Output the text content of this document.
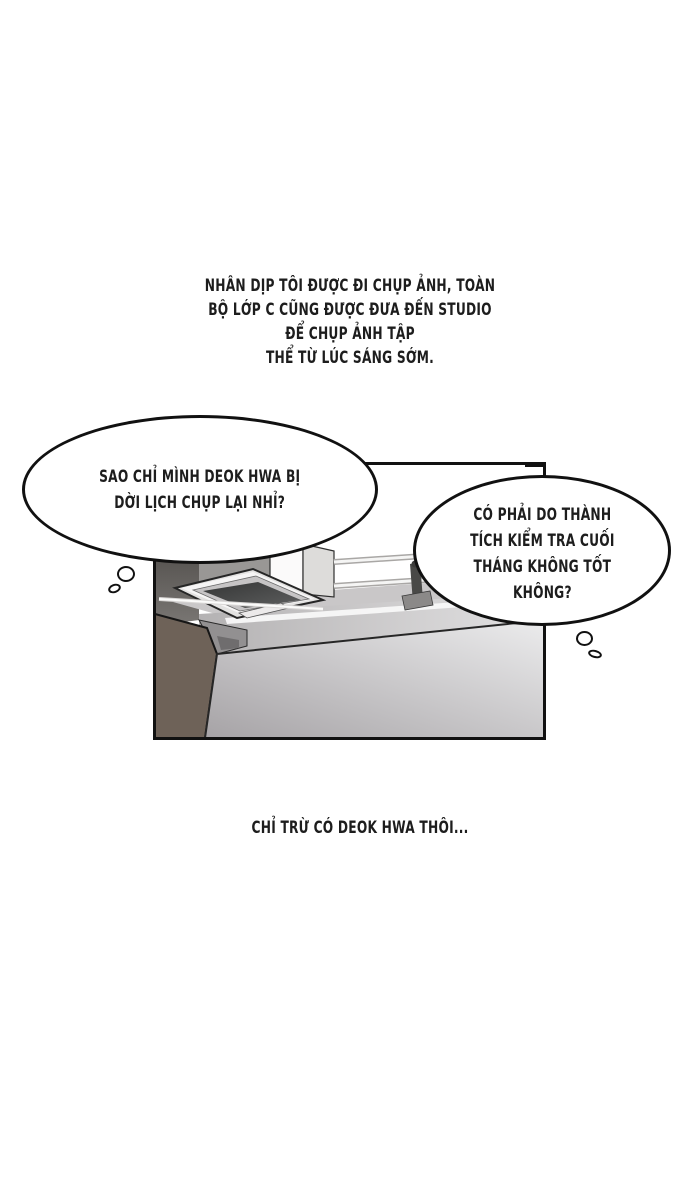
NHÂN DỊP TÔI ĐƯỢC ĐI CHỤP ẢNH, TOÀN
BỘ LỚP C CŨNG ĐƯỢC ĐƯA ĐẾN STUDIO
ĐỂ CHỤP ẢNH TẬP
THỂ TỪ LÚC SÁNG SỚM.
SAO CHỈ MÌNH DEOK HWA BỊ
DỜI LỊCH CHỤP LẠI NHỈ?
CÓ PHẢI DO THÀNH
TÍCH KIỂM TRA CUỐI
THÁNG KHÔNG TỐT
KHÔNG?
CHỈ TRỪ CÓ DEOK HWA THÔI...
